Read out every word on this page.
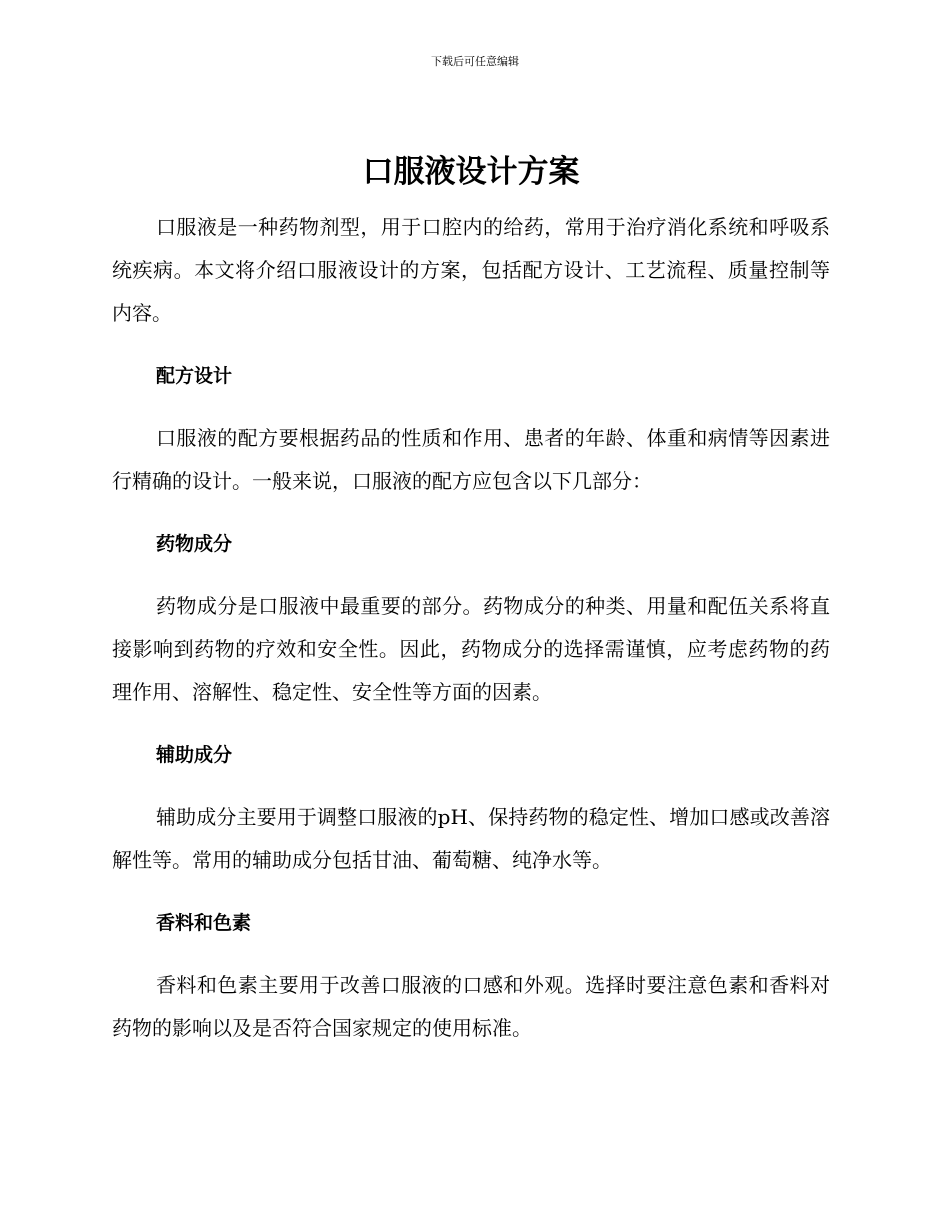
下载后可任意编辑
口服液设计方案

口服液是一种药物剂型，用于口腔内的给药，常用于治疗消化系统和呼吸系统疾病。本文将介绍口服液设计的方案，包括配方设计、工艺流程、质量控制等内容。

配方设计

口服液的配方要根据药品的性质和作用、患者的年龄、体重和病情等因素进行精确的设计。一般来说，口服液的配方应包含以下几部分：

药物成分

药物成分是口服液中最重要的部分。药物成分的种类、用量和配伍关系将直接影响到药物的疗效和安全性。因此，药物成分的选择需谨慎，应考虑药物的药理作用、溶解性、稳定性、安全性等方面的因素。

辅助成分

辅助成分主要用于调整口服液的pH、保持药物的稳定性、增加口感或改善溶解性等。常用的辅助成分包括甘油、葡萄糖、纯净水等。

香料和色素

香料和色素主要用于改善口服液的口感和外观。选择时要注意色素和香料对药物的影响以及是否符合国家规定的使用标准。
